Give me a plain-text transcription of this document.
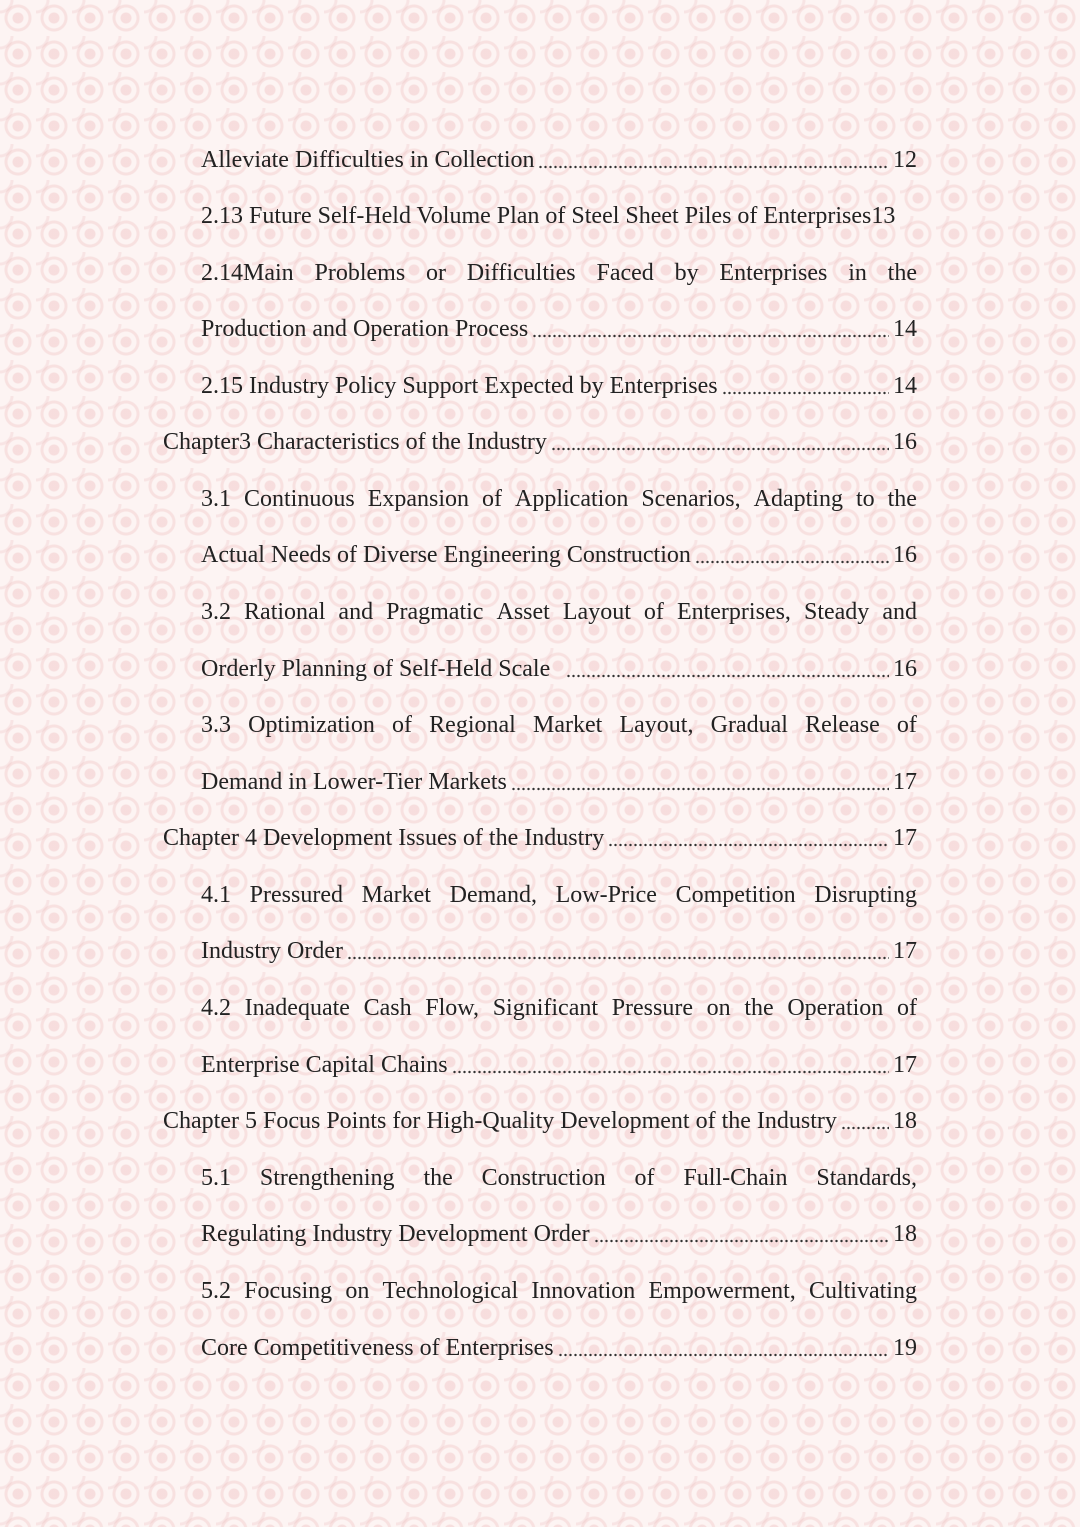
Alleviate Difficulties in Collection	12
2.13 Future Self-Held Volume Plan of Steel Sheet Piles of Enterprises 13
2.14Main Problems or Difficulties Faced by Enterprises in the
Production and Operation Process	14
2.15 Industry Policy Support Expected by Enterprises	14
Chapter3 Characteristics of the Industry	16
3.1 Continuous Expansion of Application Scenarios, Adapting to the
Actual Needs of Diverse Engineering Construction	16
3.2 Rational and Pragmatic Asset Layout of Enterprises, Steady and
Orderly Planning of Self-Held Scale	16
3.3 Optimization of Regional Market Layout, Gradual Release of
Demand in Lower-Tier Markets	17
Chapter 4 Development Issues of the Industry	17
4.1 Pressured Market Demand, Low-Price Competition Disrupting
Industry Order	17
4.2 Inadequate Cash Flow, Significant Pressure on the Operation of
Enterprise Capital Chains	17
Chapter 5 Focus Points for High-Quality Development of the Industry 18
5.1 Strengthening the Construction of Full-Chain Standards,
Regulating Industry Development Order	18
5.2 Focusing on Technological Innovation Empowerment, Cultivating
Core Competitiveness of Enterprises	19
